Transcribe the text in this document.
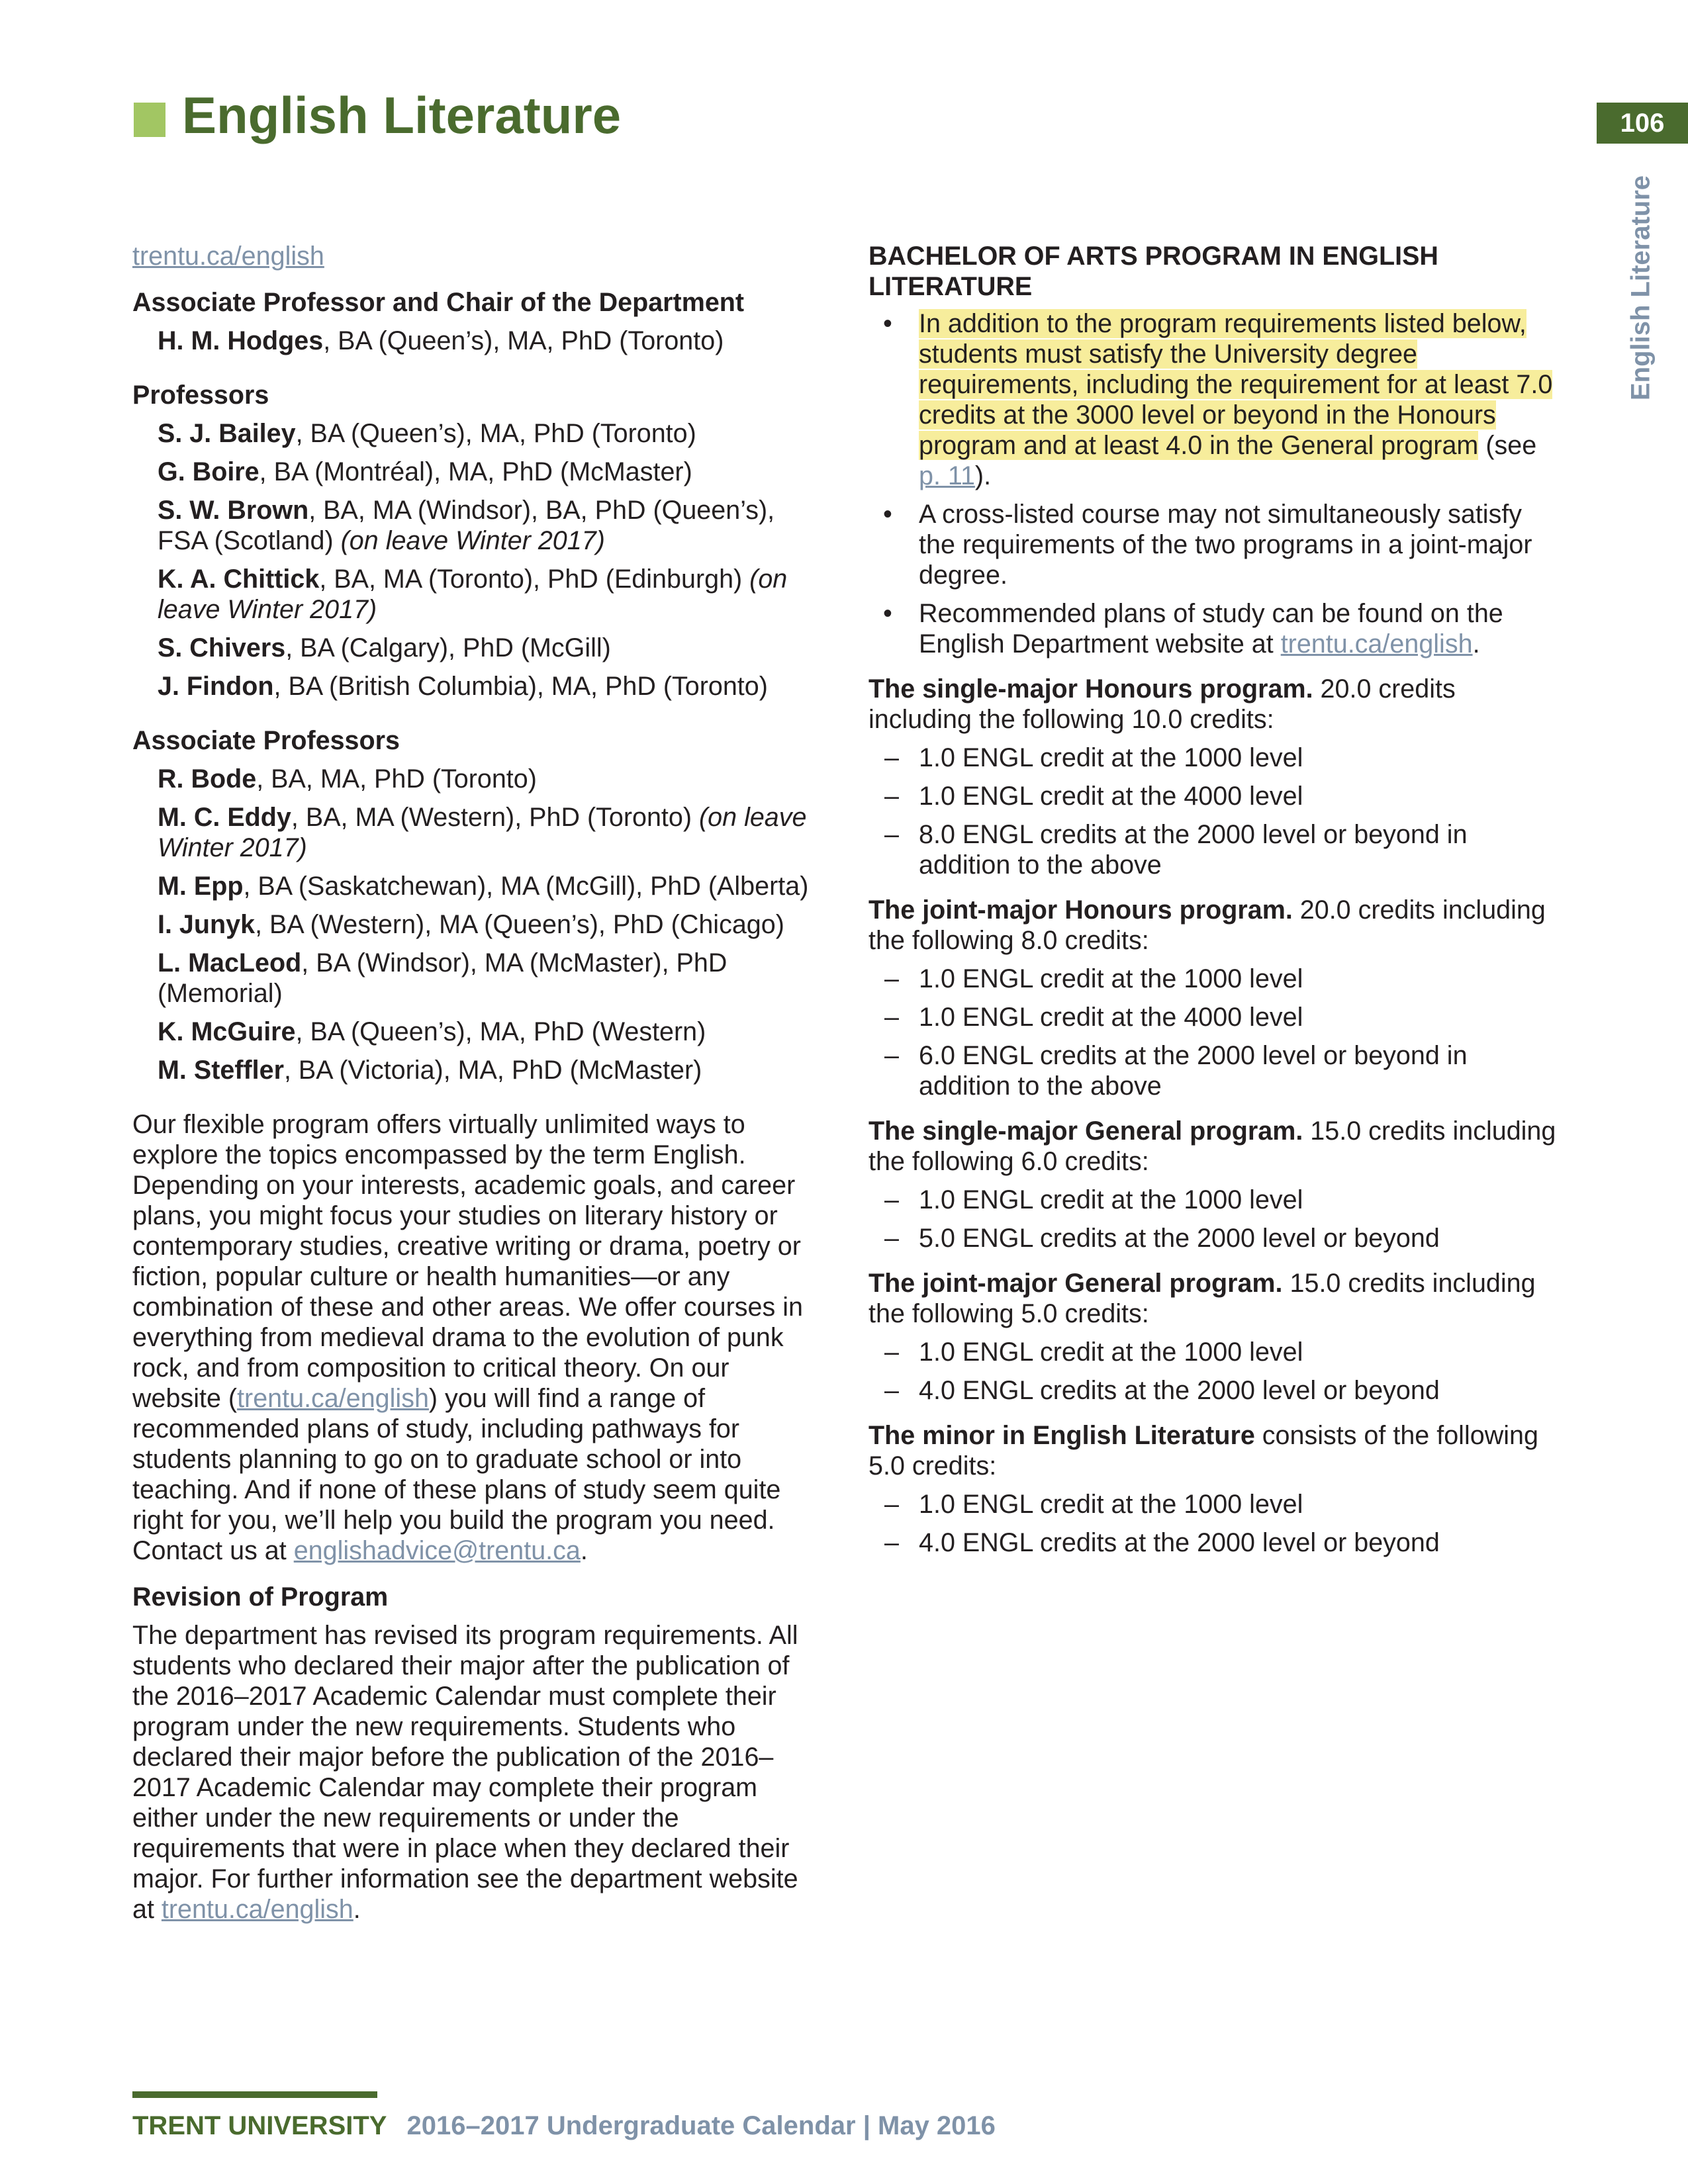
English Literature	106
English Literature

trentu.ca/english

Associate Professor and Chair of the Department
H. M. Hodges, BA (Queen’s), MA, PhD (Toronto)
Professors
S. J. Bailey, BA (Queen’s), MA, PhD (Toronto)
G. Boire, BA (Montréal), MA, PhD (McMaster)
S. W. Brown, BA, MA (Windsor), BA, PhD (Queen’s), FSA (Scotland) (on leave Winter 2017)
K. A. Chittick, BA, MA (Toronto), PhD (Edinburgh) (on leave Winter 2017)
S. Chivers, BA (Calgary), PhD (McGill)
J. Findon, BA (British Columbia), MA, PhD (Toronto)
Associate Professors
R. Bode, BA, MA, PhD (Toronto)
M. C. Eddy, BA, MA (Western), PhD (Toronto) (on leave Winter 2017)
M. Epp, BA (Saskatchewan), MA (McGill), PhD (Alberta)
I. Junyk, BA (Western), MA (Queen’s), PhD (Chicago)
L. MacLeod, BA (Windsor), MA (McMaster), PhD (Memorial)
K. McGuire, BA (Queen’s), MA, PhD (Western)
M. Steffler, BA (Victoria), MA, PhD (McMaster)

Our flexible program offers virtually unlimited ways to explore the topics encompassed by the term English. Depending on your interests, academic goals, and career plans, you might focus your studies on literary history or contemporary studies, creative writing or drama, poetry or fiction, popular culture or health humanities—or any combination of these and other areas. We offer courses in everything from medieval drama to the evolution of punk rock, and from composition to critical theory. On our website (trentu.ca/english) you will find a range of recommended plans of study, including pathways for students planning to go on to graduate school or into teaching. And if none of these plans of study seem quite right for you, we’ll help you build the program you need. Contact us at englishadvice@trentu.ca.

Revision of Program

The department has revised its program requirements. All students who declared their major after the publication of the 2016–2017 Academic Calendar must complete their program under the new requirements. Students who declared their major before the publication of the 2016–2017 Academic Calendar may complete their program either under the new requirements or under the requirements that were in place when they declared their major. For further information see the department website at trentu.ca/english.

BACHELOR OF ARTS PROGRAM IN ENGLISH LITERATURE
• In addition to the program requirements listed below, students must satisfy the University degree requirements, including the requirement for at least 7.0 credits at the 3000 level or beyond in the Honours program and at least 4.0 in the General program (see p. 11).
• A cross-listed course may not simultaneously satisfy the requirements of the two programs in a joint-major degree.
• Recommended plans of study can be found on the English Department website at trentu.ca/english.

The single-major Honours program. 20.0 credits including the following 10.0 credits:

– 1.0 ENGL credit at the 1000 level
– 1.0 ENGL credit at the 4000 level
– 8.0 ENGL credits at the 2000 level or beyond in addition to the above

The joint-major Honours program. 20.0 credits including the following 8.0 credits:

– 1.0 ENGL credit at the 1000 level
– 1.0 ENGL credit at the 4000 level
– 6.0 ENGL credits at the 2000 level or beyond in addition to the above

The single-major General program. 15.0 credits including the following 6.0 credits:

– 1.0 ENGL credit at the 1000 level
– 5.0 ENGL credits at the 2000 level or beyond

The joint-major General program. 15.0 credits including the following 5.0 credits:

– 1.0 ENGL credit at the 1000 level
– 4.0 ENGL credits at the 2000 level or beyond

The minor in English Literature consists of the following 5.0 credits:

– 1.0 ENGL credit at the 1000 level
– 4.0 ENGL credits at the 2000 level or beyond
TRENT UNIVERSITY 2016–2017 Undergraduate Calendar | May 2016
